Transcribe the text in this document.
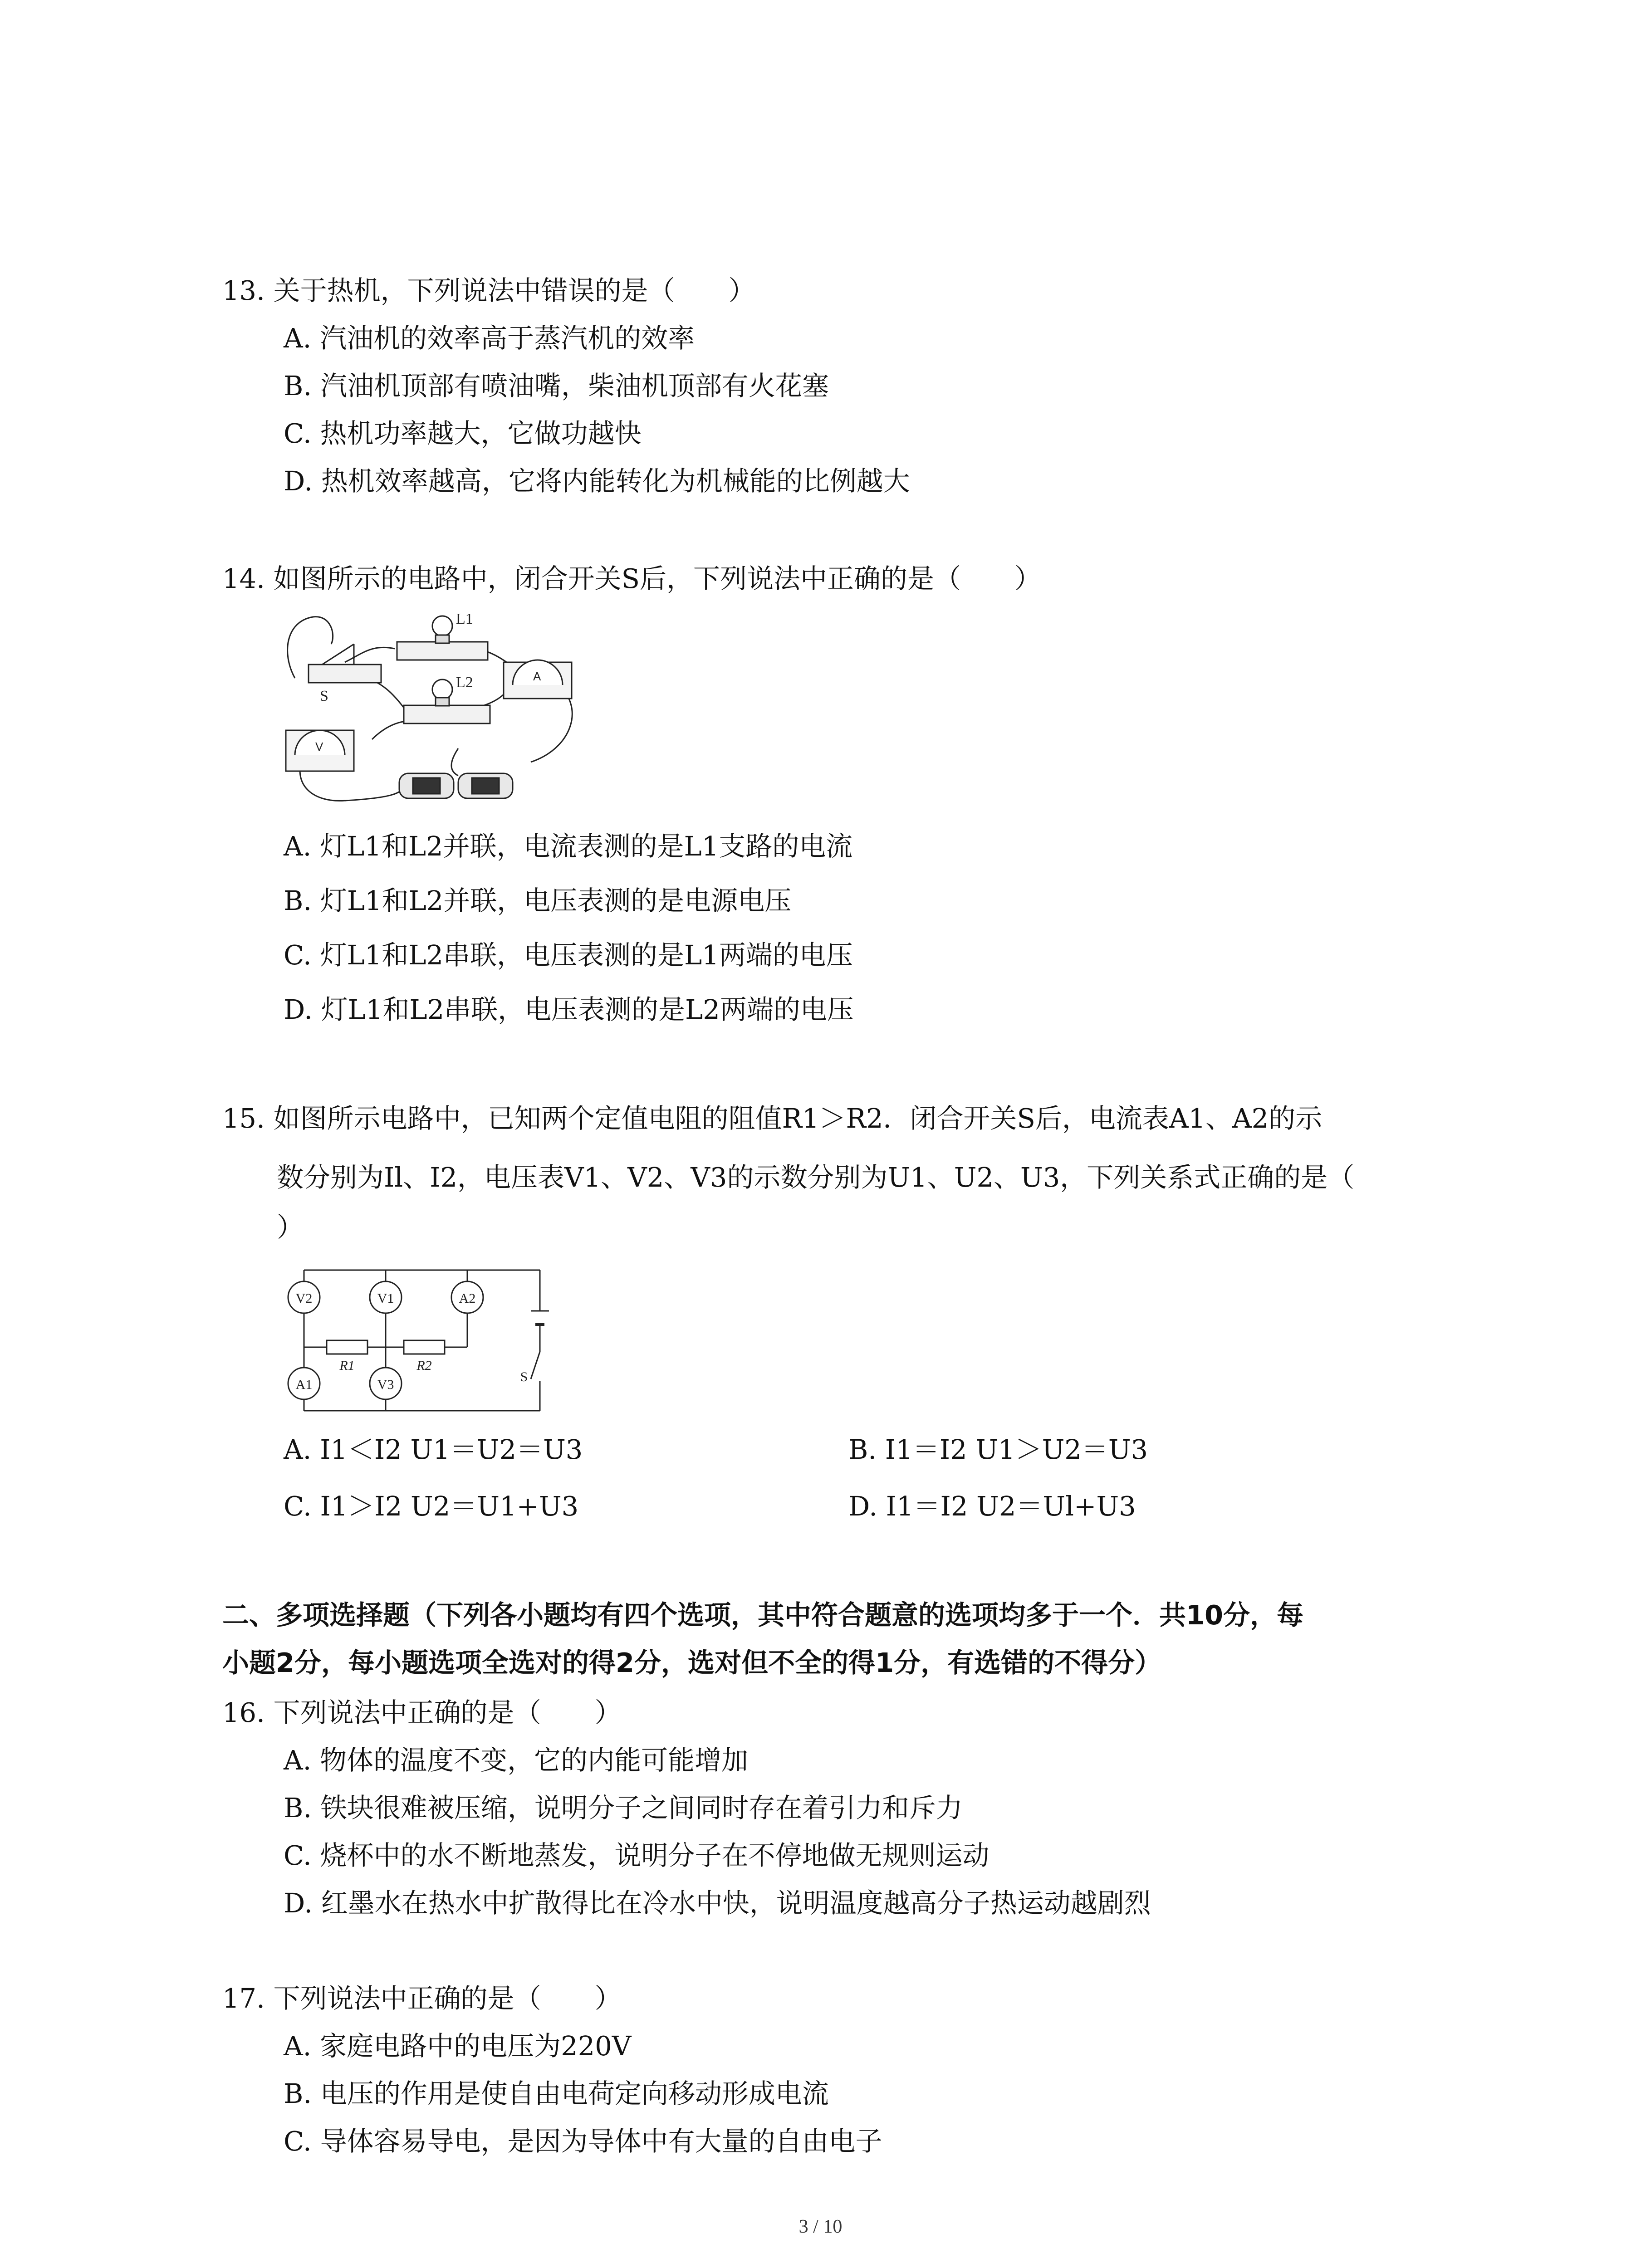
13. 关于热机，下列说法中错误的是（　　）
A. 汽油机的效率高于蒸汽机的效率
B. 汽油机顶部有喷油嘴，柴油机顶部有火花塞
C. 热机功率越大，它做功越快
D. 热机效率越高，它将内能转化为机械能的比例越大
14. 如图所示的电路中，闭合开关S后，下列说法中正确的是（　　）
L1
L2
S
A
V
A. 灯L1和L2并联，电流表测的是L1支路的电流
B. 灯L1和L2并联，电压表测的是电源电压
C. 灯L1和L2串联，电压表测的是L1两端的电压
D. 灯L1和L2串联，电压表测的是L2两端的电压
15. 如图所示电路中，已知两个定值电阻的阻值R1＞R2．闭合开关S后，电流表A1、A2的示
数分别为Il、I2，电压表V1、V2、V3的示数分别为U1、U2、U3，下列关系式正确的是（
）
V2	V1	A2
A1	V3
R1	R2
S
A. I1＜I2 U1＝U2＝U3	B. I1＝I2 U1＞U2＝U3
C. I1＞I2 U2＝U1+U3	D. I1＝I2 U2＝Ul+U3
二、多项选择题（下列各小题均有四个选项，其中符合题意的选项均多于一个．共10分，每
小题2分，每小题选项全选对的得2分，选对但不全的得1分，有选错的不得分）
16. 下列说法中正确的是（　　）
A. 物体的温度不变，它的内能可能增加
B. 铁块很难被压缩，说明分子之间同时存在着引力和斥力
C. 烧杯中的水不断地蒸发，说明分子在不停地做无规则运动
D. 红墨水在热水中扩散得比在冷水中快，说明温度越高分子热运动越剧烈
17. 下列说法中正确的是（　　）
A. 家庭电路中的电压为220V
B. 电压的作用是使自由电荷定向移动形成电流
C. 导体容易导电，是因为导体中有大量的自由电子
3 / 10
